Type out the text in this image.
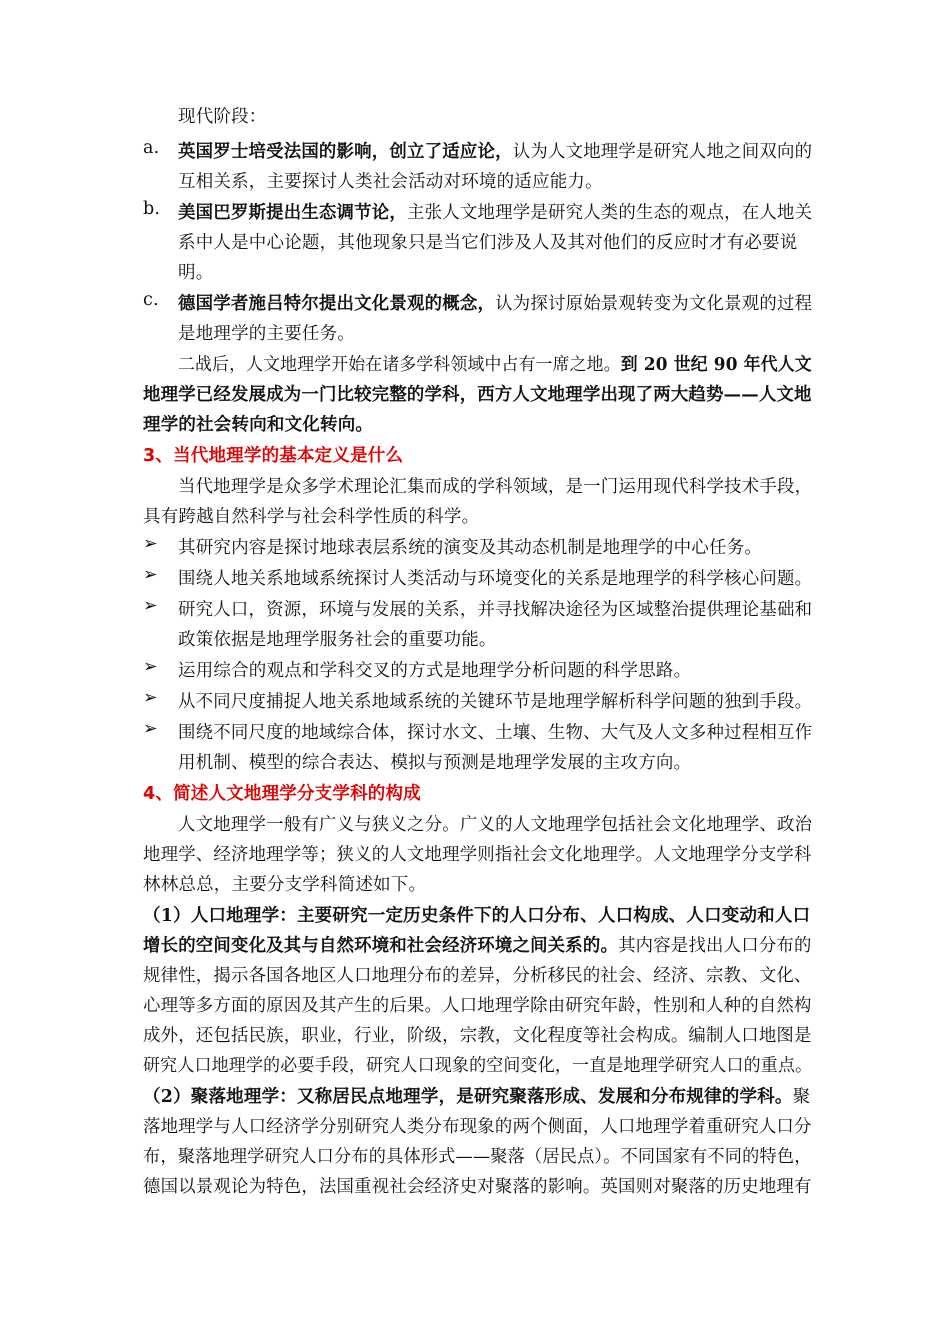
现代阶段：
a. 英国罗士培受法国的影响，创立了适应论，认为人文地理学是研究人地之间双向的
互相关系，主要探讨人类社会活动对环境的适应能力。
b. 美国巴罗斯提出生态调节论，主张人文地理学是研究人类的生态的观点，在人地关
系中人是中心论题，其他现象只是当它们涉及人及其对他们的反应时才有必要说
明。
c. 德国学者施吕特尔提出文化景观的概念，认为探讨原始景观转变为文化景观的过程
是地理学的主要任务。
二战后，人文地理学开始在诸多学科领域中占有一席之地。到 20 世纪 90 年代人文
地理学已经发展成为一门比较完整的学科，西方人文地理学出现了两大趋势——人文地
理学的社会转向和文化转向。
3、当代地理学的基本定义是什么
当代地理学是众多学术理论汇集而成的学科领域，是一门运用现代科学技术手段，
具有跨越自然科学与社会科学性质的科学。
➢ 其研究内容是探讨地球表层系统的演变及其动态机制是地理学的中心任务。
➢ 围绕人地关系地域系统探讨人类活动与环境变化的关系是地理学的科学核心问题。
➢ 研究人口，资源，环境与发展的关系，并寻找解决途径为区域整治提供理论基础和
政策依据是地理学服务社会的重要功能。
➢ 运用综合的观点和学科交叉的方式是地理学分析问题的科学思路。
➢ 从不同尺度捕捉人地关系地域系统的关键环节是地理学解析科学问题的独到手段。
➢ 围绕不同尺度的地域综合体，探讨水文、土壤、生物、大气及人文多种过程相互作
用机制、模型的综合表达、模拟与预测是地理学发展的主攻方向。
4、简述人文地理学分支学科的构成
人文地理学一般有广义与狭义之分。广义的人文地理学包括社会文化地理学、政治
地理学、经济地理学等；狭义的人文地理学则指社会文化地理学。人文地理学分支学科
林林总总，主要分支学科简述如下。
（1）人口地理学：主要研究一定历史条件下的人口分布、人口构成、人口变动和人口
增长的空间变化及其与自然环境和社会经济环境之间关系的。其内容是找出人口分布的
规律性，揭示各国各地区人口地理分布的差异，分析移民的社会、经济、宗教、文化、
心理等多方面的原因及其产生的后果。人口地理学除由研究年龄，性别和人种的自然构
成外，还包括民族，职业，行业，阶级，宗教，文化程度等社会构成。编制人口地图是
研究人口地理学的必要手段，研究人口现象的空间变化，一直是地理学研究人口的重点。
（2）聚落地理学：又称居民点地理学，是研究聚落形成、发展和分布规律的学科。聚
落地理学与人口经济学分别研究人类分布现象的两个侧面，人口地理学着重研究人口分
布，聚落地理学研究人口分布的具体形式——聚落（居民点）。不同国家有不同的特色，
德国以景观论为特色，法国重视社会经济史对聚落的影响。英国则对聚落的历史地理有
